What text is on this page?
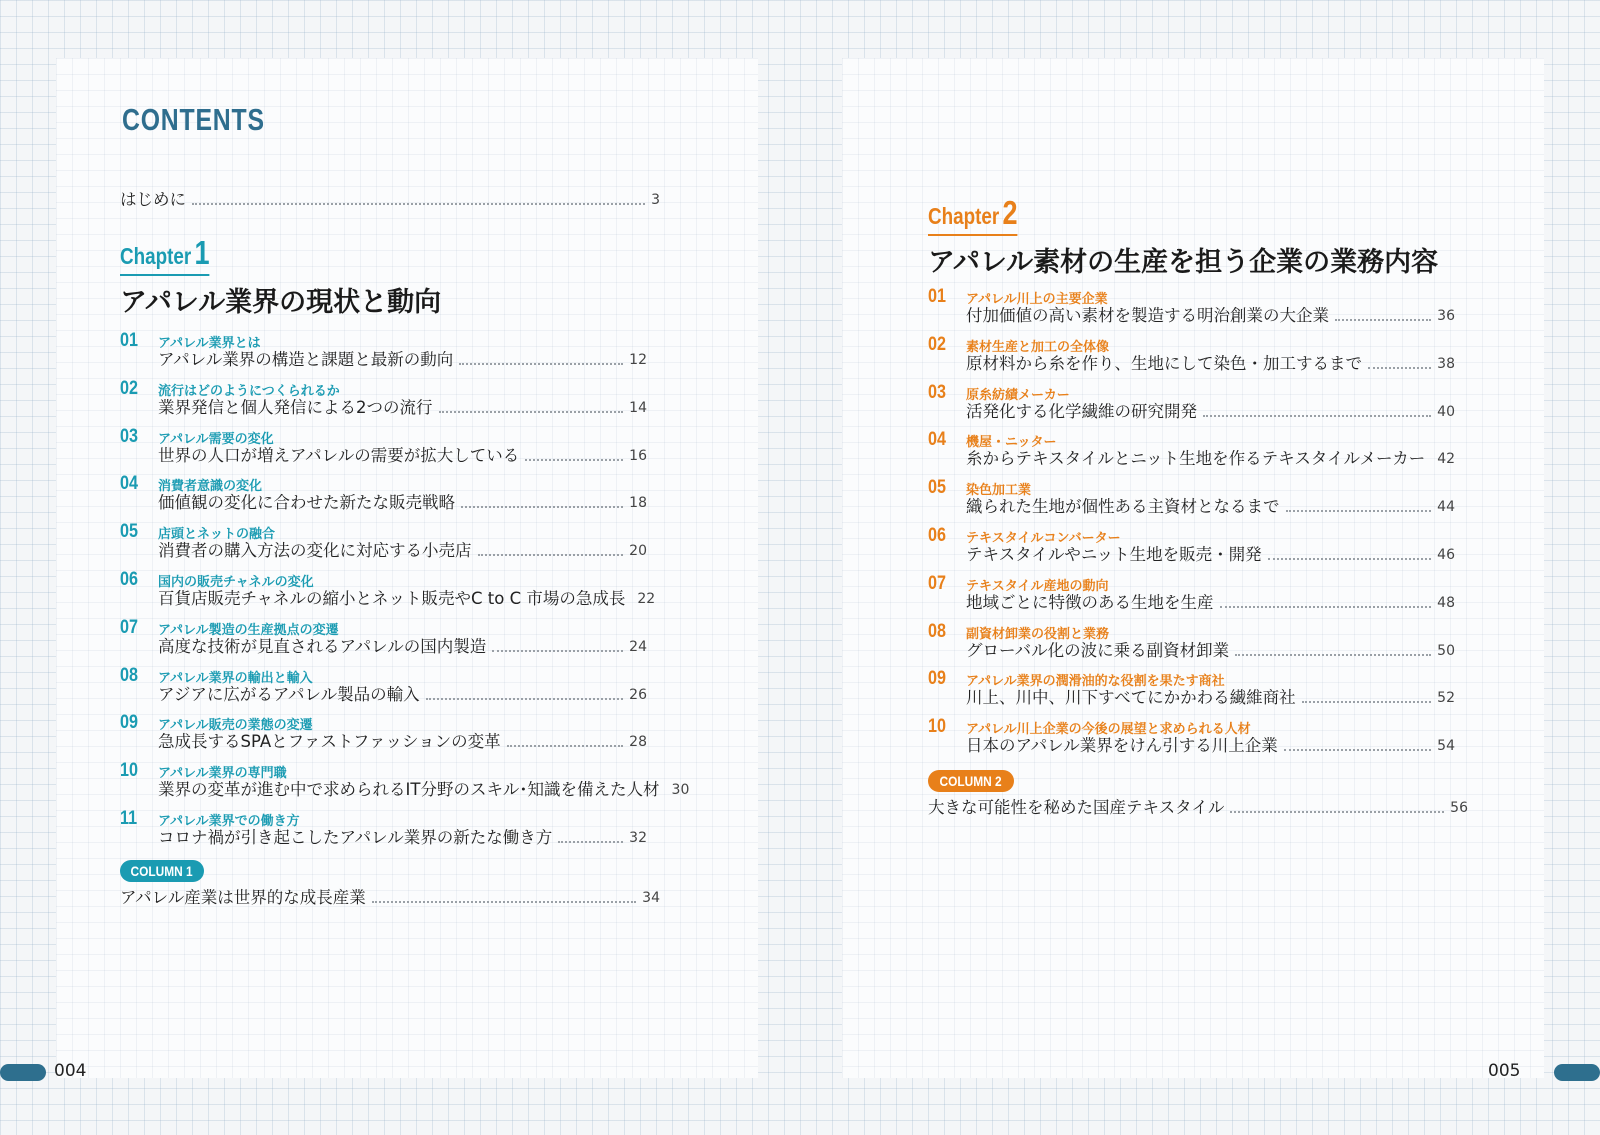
CONTENTS
はじめに	3
Chapter1
アパレル業界の現状と動向
01 アパレル業界とは
アパレル業界の構造と課題と最新の動向	12
02 流行はどのようにつくられるか
業界発信と個人発信による2つの流行	14
03 アパレル需要の変化
世界の人口が増えアパレルの需要が拡大している	16
04 消費者意識の変化
価値観の変化に合わせた新たな販売戦略	18
05 店頭とネットの融合
消費者の購入方法の変化に対応する小売店	20
06 国内の販売チャネルの変化
百貨店販売チャネルの縮小とネット販売やC to C 市場の急成長 22
07 アパレル製造の生産拠点の変遷
高度な技術が見直されるアパレルの国内製造	24
08 アパレル業界の輸出と輸入
アジアに広がるアパレル製品の輸入	26
09 アパレル販売の業態の変遷
急成長するSPAとファストファッションの変革	28
10 アパレル業界の専門職
業界の変革が進む中で求められるIT分野のスキル･知識を備えた人材 30
11 アパレル業界での働き方
コロナ禍が引き起こしたアパレル業界の新たな働き方	32
COLUMN 1
アパレル産業は世界的な成長産業	34
Chapter2
アパレル素材の生産を担う企業の業務内容
01 アパレル川上の主要企業
付加価値の高い素材を製造する明治創業の大企業	36
02 素材生産と加工の全体像
原材料から糸を作り、生地にして染色・加工するまで	38
03 原糸紡績メーカー
活発化する化学繊維の研究開発	40
04 機屋・ニッター
糸からテキスタイルとニット生地を作るテキスタイルメーカー 42
05 染色加工業
織られた生地が個性ある主資材となるまで	44
06 テキスタイルコンバーター
テキスタイルやニット生地を販売・開発	46
07 テキスタイル産地の動向
地域ごとに特徴のある生地を生産	48
08 副資材卸業の役割と業務
グローバル化の波に乗る副資材卸業	50
09 アパレル業界の潤滑油的な役割を果たす商社
川上、川中、川下すべてにかかわる繊維商社	52
10 アパレル川上企業の今後の展望と求められる人材
日本のアパレル業界をけん引する川上企業	54
COLUMN 2
大きな可能性を秘めた国産テキスタイル	56
004	005
